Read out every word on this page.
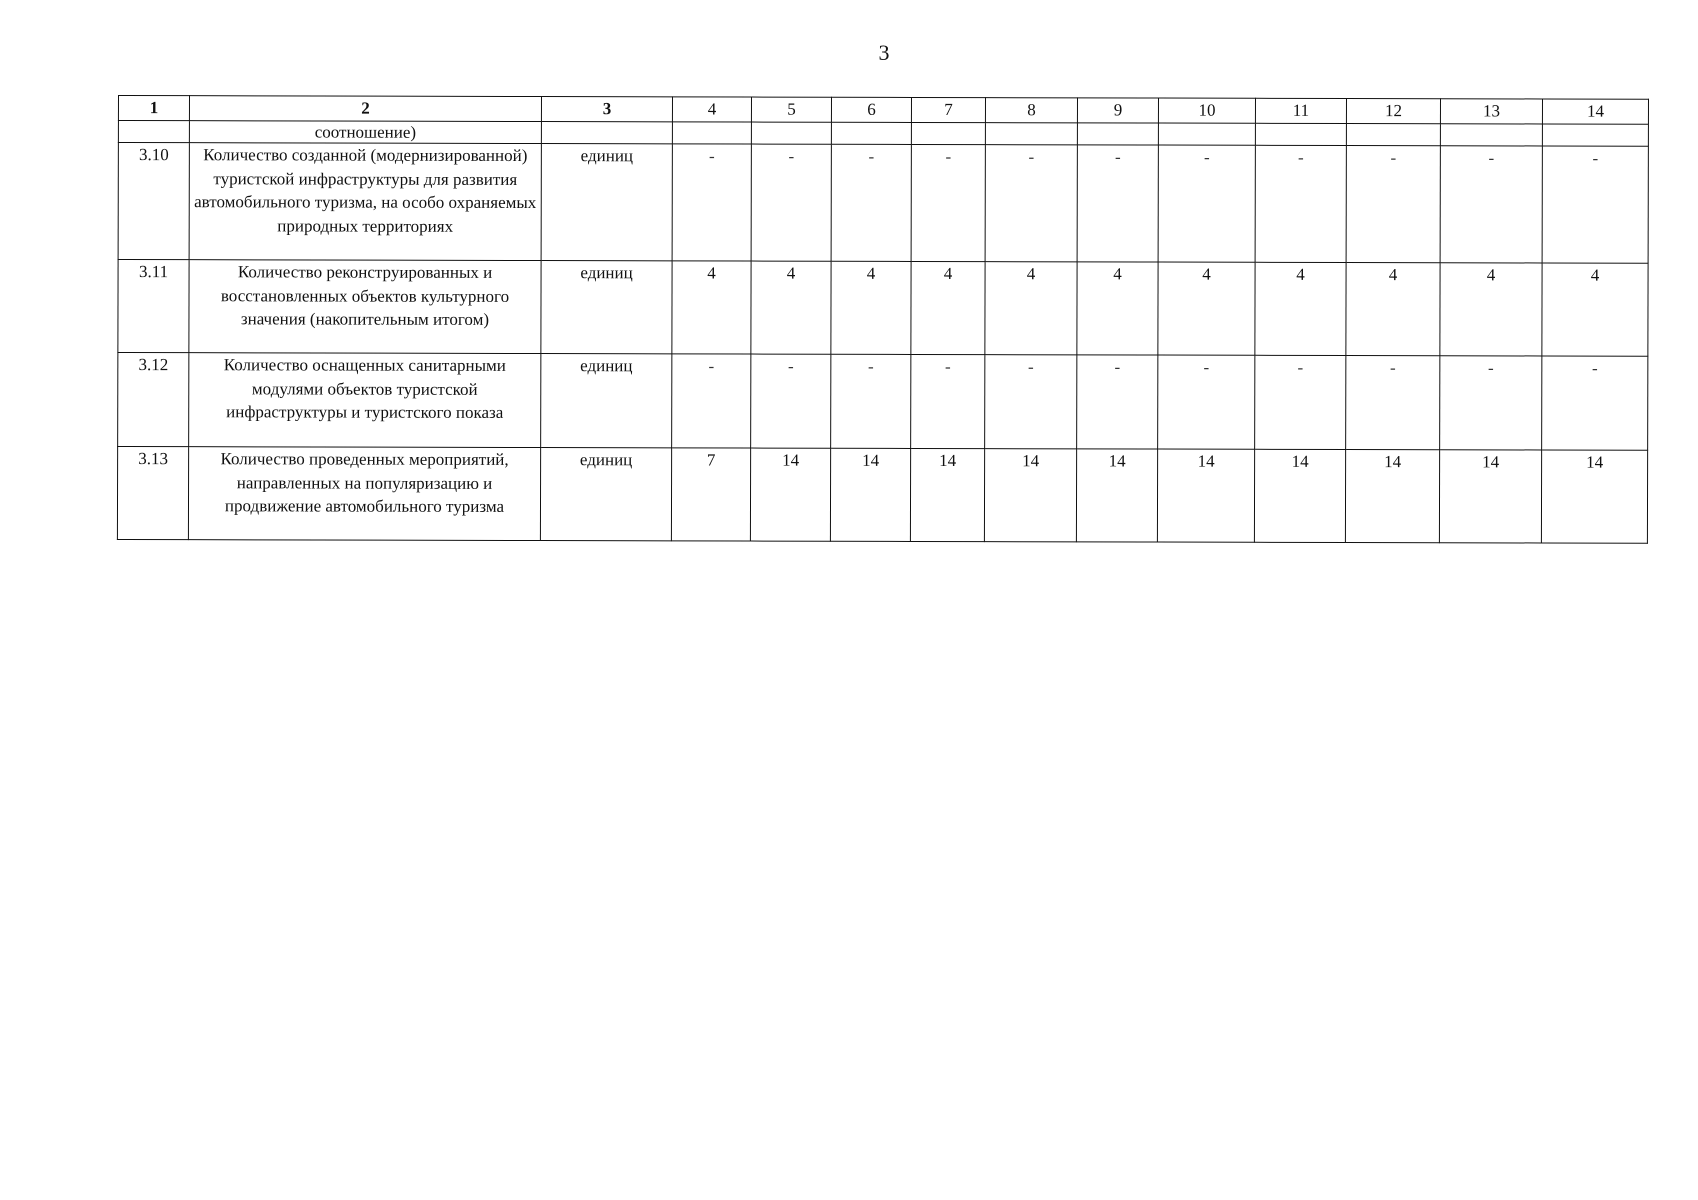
3
1	2	3	4	5	6	7	8	9	10	11	12	13	14
	соотношение)												
3.10	Количество созданной (модернизированной) туристской инфраструктуры для развития автомобильного туризма, на особо охраняемых природных территориях	единиц	-	-	-	-	-	-	-	-	-	-	-
3.11	Количество реконструированных и восстановленных объектов культурного значения (накопительным итогом)	единиц	4	4	4	4	4	4	4	4	4	4	4
3.12	Количество оснащенных санитарными модулями объектов туристской инфраструктуры и туристского показа	единиц	-	-	-	-	-	-	-	-	-	-	-
3.13	Количество проведенных мероприятий, направленных на популяризацию и продвижение автомобильного туризма	единиц	7	14	14	14	14	14	14	14	14	14	14
